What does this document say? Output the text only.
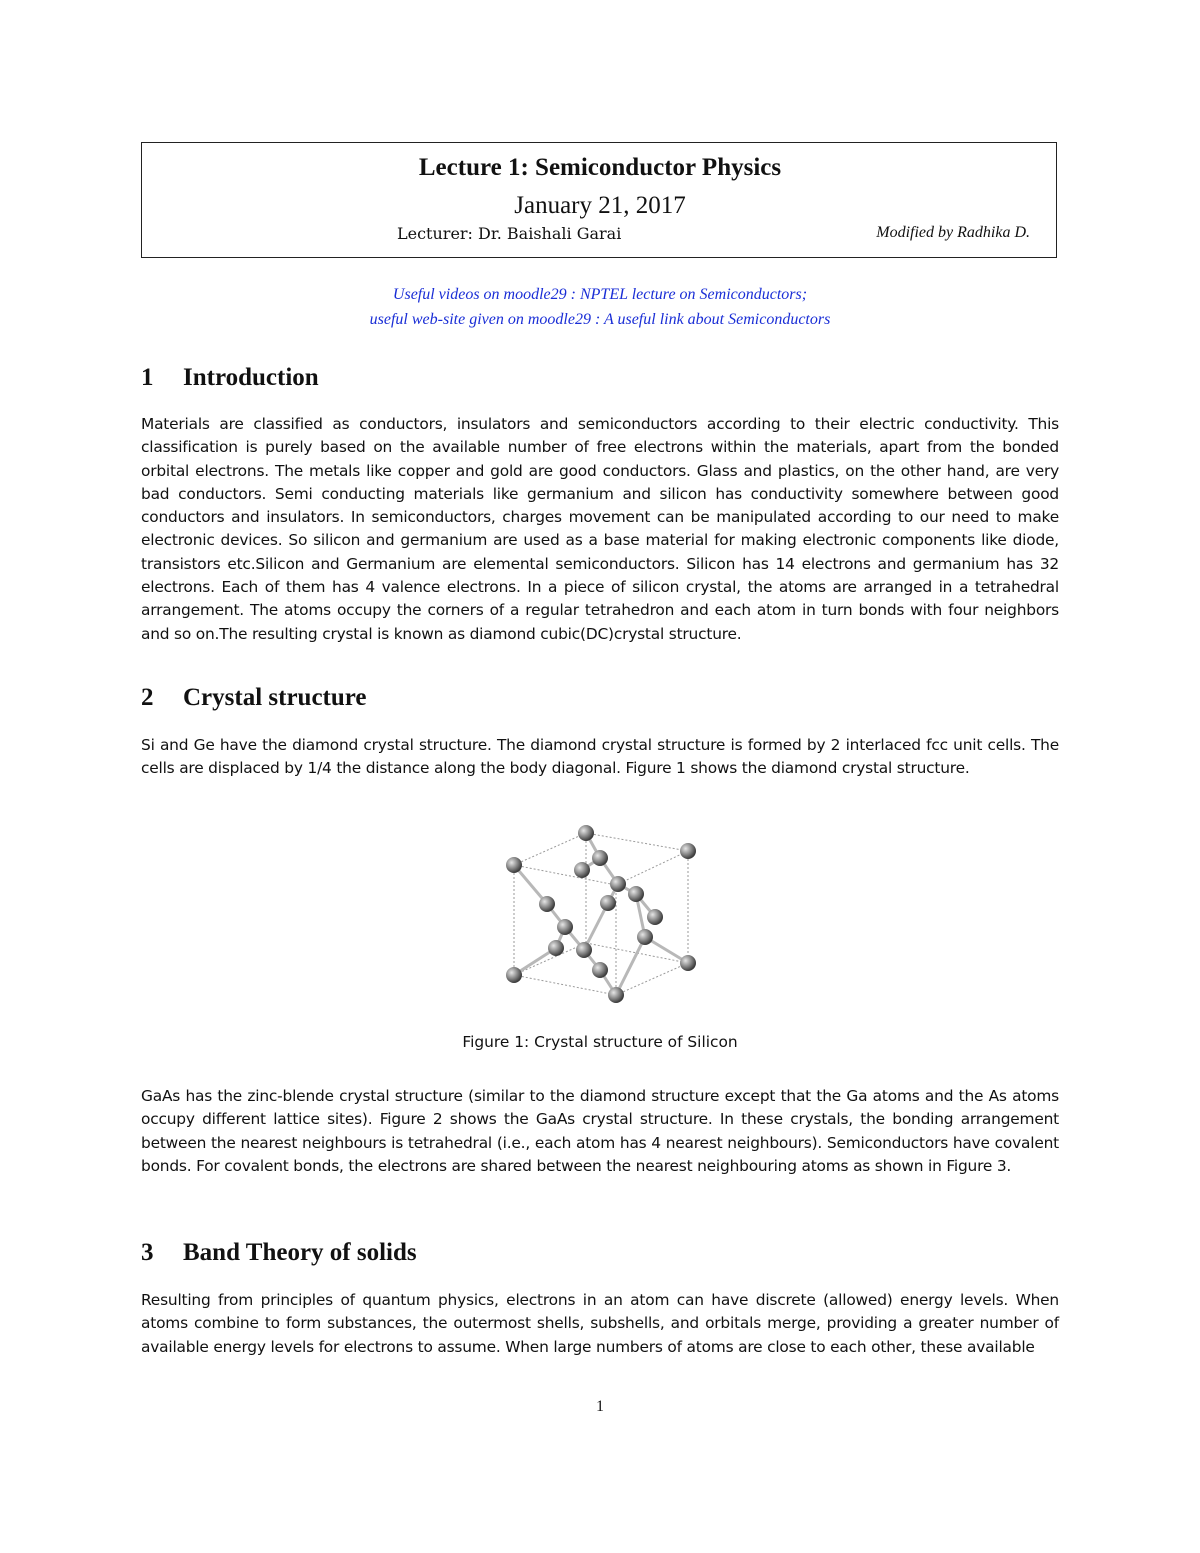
Lecture 1: Semiconductor Physics

January 21, 2017

Lecturer: Dr. Baishali Garai	Modified by Radhika D.

Useful videos on moodle29 : NPTEL lecture on Semiconductors;

useful web-site given on moodle29 : A useful link about Semiconductors

1 Introduction

Materials are classified as conductors, insulators and semiconductors according to their electric conductivity. This classification is purely based on the available number of free electrons within the materials, apart from the bonded orbital electrons. The metals like copper and gold are good conductors. Glass and plastics, on the other hand, are very bad conductors. Semi conducting materials like germanium and silicon has conductivity somewhere between good conductors and insulators. In semiconductors, charges movement can be manipulated according to our need to make electronic devices. So silicon and germanium are used as a base material for making electronic components like diode, transistors etc.Silicon and Germanium are elemental semiconductors. Silicon has 14 electrons and germanium has 32 electrons. Each of them has 4 valence electrons. In a piece of silicon crystal, the atoms are arranged in a tetrahedral arrangement. The atoms occupy the corners of a regular tetrahedron and each atom in turn bonds with four neighbors and so on.The resulting crystal is known as diamond cubic(DC)crystal structure.

2 Crystal structure

Si and Ge have the diamond crystal structure. The diamond crystal structure is formed by 2 interlaced fcc unit cells. The cells are displaced by 1/4 the distance along the body diagonal. Figure 1 shows the diamond crystal structure.

Figure 1: Crystal structure of Silicon

GaAs has the zinc-blende crystal structure (similar to the diamond structure except that the Ga atoms and the As atoms occupy different lattice sites). Figure 2 shows the GaAs crystal structure. In these crystals, the bonding arrangement between the nearest neighbours is tetrahedral (i.e., each atom has 4 nearest neighbours). Semiconductors have covalent bonds. For covalent bonds, the electrons are shared between the nearest neighbouring atoms as shown in Figure 3.

3 Band Theory of solids

Resulting from principles of quantum physics, electrons in an atom can have discrete (allowed) energy levels. When atoms combine to form substances, the outermost shells, subshells, and orbitals merge, providing a greater number of available energy levels for electrons to assume. When large numbers of atoms are close to each other, these available

1
